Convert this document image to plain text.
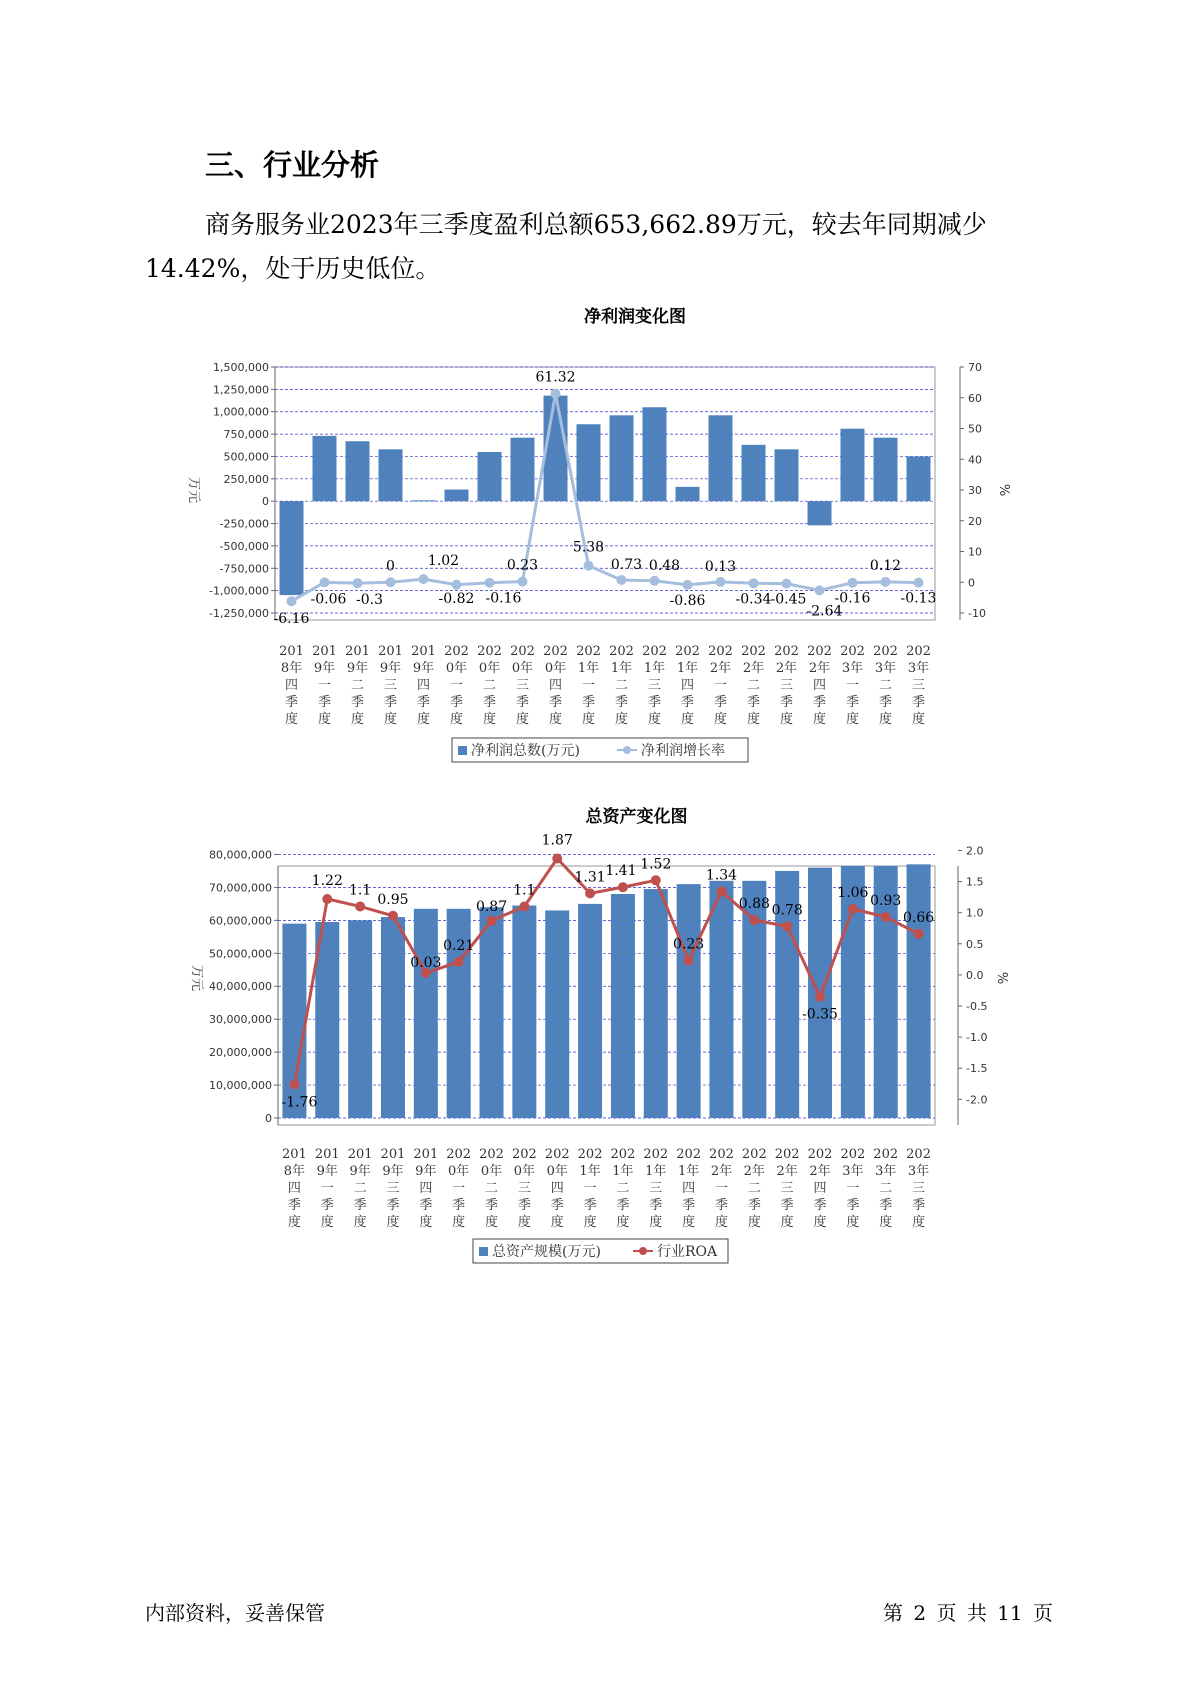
三、行业分析

商务服务业2023年三季度盈利总额653,662.89万元，较去年同期减少14.42%，处于历史低位。

净利润变化图
1,500,000
1,250,000
1,000,000
750,000
500,000
250,000
0
-250,000
-500,000
-750,000
-1,000,000
-1,250,000
70
60
50
40
30
20
10
0
-10
万元	%
-6.16
-0.06 -0.3
0 1.02
-0.82 -0.16
0.23
61.32
5.38
0.73 0.48
-0.86
0.13
-0.34 -0.45
-2.64
-0.16
0.12
-0.13
201
8年
四
季
度
201
9年
一
季
度
201
9年
二
季
度
201
9年
三
季
度
201
9年
四
季
度
202
0年
一
季
度
202
0年
二
季
度
202
0年
三
季
度
202
0年
四
季
度
202
1年
一
季
度
202
1年
二
季
度
202
1年
三
季
度
202
1年
四
季
度
202
2年
一
季
度
202
2年
二
季
度
202
2年
三
季
度
202
2年
四
季
度
202
3年
一
季
度
202
3年
二
季
度
202
3年
三
季
度
净利润总数(万元)	净利润增长率
总资产变化图
80,000,000
70,000,000
60,000,000
50,000,000
40,000,000
30,000,000
20,000,000
10,000,000
0
2.0
1.5
1.0
0.5
0.0
-0.5
-1.0
-1.5
-2.0
万元	%
-1.76
1.22
1.1
0.95
0.03
0.21
0.87
1.1
1.87
1.31 1.41 1.52
0.23
1.34
0.88 0.78
-0.35
1.06
0.93
0.66
201
8年
四
季
度
201
9年
一
季
度
201
9年
二
季
度
201
9年
三
季
度
201
9年
四
季
度
202
0年
一
季
度
202
0年
二
季
度
202
0年
三
季
度
202
0年
四
季
度
202
1年
一
季
度
202
1年
二
季
度
202
1年
三
季
度
202
1年
四
季
度
202
2年
一
季
度
202
2年
二
季
度
202
2年
三
季
度
202
2年
四
季
度
202
3年
一
季
度
202
3年
二
季
度
202
3年
三
季
度
总资产规模(万元)	行业ROA
内部资料，妥善保管	第 2 页 共 11 页
